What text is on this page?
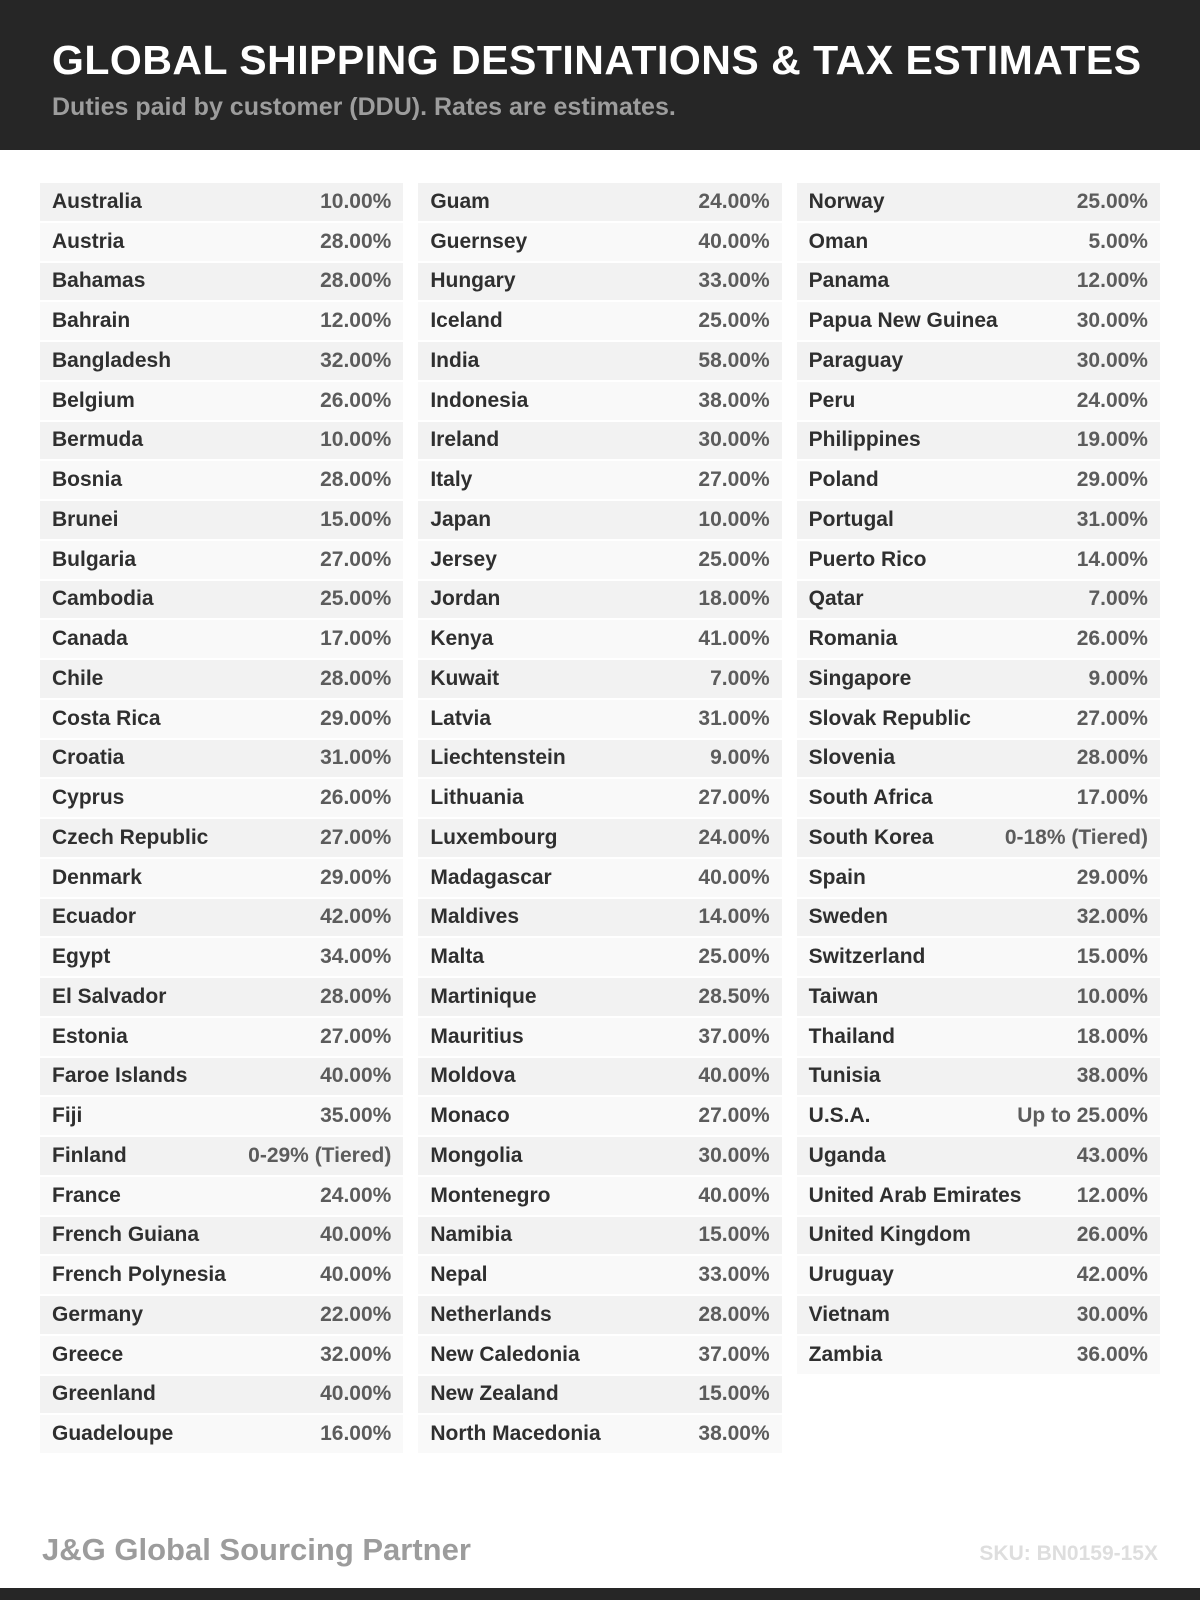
GLOBAL SHIPPING DESTINATIONS & TAX ESTIMATES

Duties paid by customer (DDU). Rates are estimates.

Australia	10.00%
Austria	28.00%
Bahamas	28.00%
Bahrain	12.00%
Bangladesh	32.00%
Belgium	26.00%
Bermuda	10.00%
Bosnia	28.00%
Brunei	15.00%
Bulgaria	27.00%
Cambodia	25.00%
Canada	17.00%
Chile	28.00%
Costa Rica	29.00%
Croatia	31.00%
Cyprus	26.00%
Czech Republic	27.00%
Denmark	29.00%
Ecuador	42.00%
Egypt	34.00%
El Salvador	28.00%
Estonia	27.00%
Faroe Islands	40.00%
Fiji	35.00%
Finland	0-29% (Tiered)
France	24.00%
French Guiana	40.00%
French Polynesia	40.00%
Germany	22.00%
Greece	32.00%
Greenland	40.00%
Guadeloupe	16.00%
Guam	24.00%
Guernsey	40.00%
Hungary	33.00%
Iceland	25.00%
India	58.00%
Indonesia	38.00%
Ireland	30.00%
Italy	27.00%
Japan	10.00%
Jersey	25.00%
Jordan	18.00%
Kenya	41.00%
Kuwait	7.00%
Latvia	31.00%
Liechtenstein	9.00%
Lithuania	27.00%
Luxembourg	24.00%
Madagascar	40.00%
Maldives	14.00%
Malta	25.00%
Martinique	28.50%
Mauritius	37.00%
Moldova	40.00%
Monaco	27.00%
Mongolia	30.00%
Montenegro	40.00%
Namibia	15.00%
Nepal	33.00%
Netherlands	28.00%
New Caledonia	37.00%
New Zealand	15.00%
North Macedonia	38.00%
Norway	25.00%
Oman	5.00%
Panama	12.00%
Papua New Guinea	30.00%
Paraguay	30.00%
Peru	24.00%
Philippines	19.00%
Poland	29.00%
Portugal	31.00%
Puerto Rico	14.00%
Qatar	7.00%
Romania	26.00%
Singapore	9.00%
Slovak Republic	27.00%
Slovenia	28.00%
South Africa	17.00%
South Korea	0-18% (Tiered)
Spain	29.00%
Sweden	32.00%
Switzerland	15.00%
Taiwan	10.00%
Thailand	18.00%
Tunisia	38.00%
U.S.A.	Up to 25.00%
Uganda	43.00%
United Arab Emirates	12.00%
United Kingdom	26.00%
Uruguay	42.00%
Vietnam	30.00%
Zambia	36.00%
J&G Global Sourcing Partner	SKU: BN0159-15X
